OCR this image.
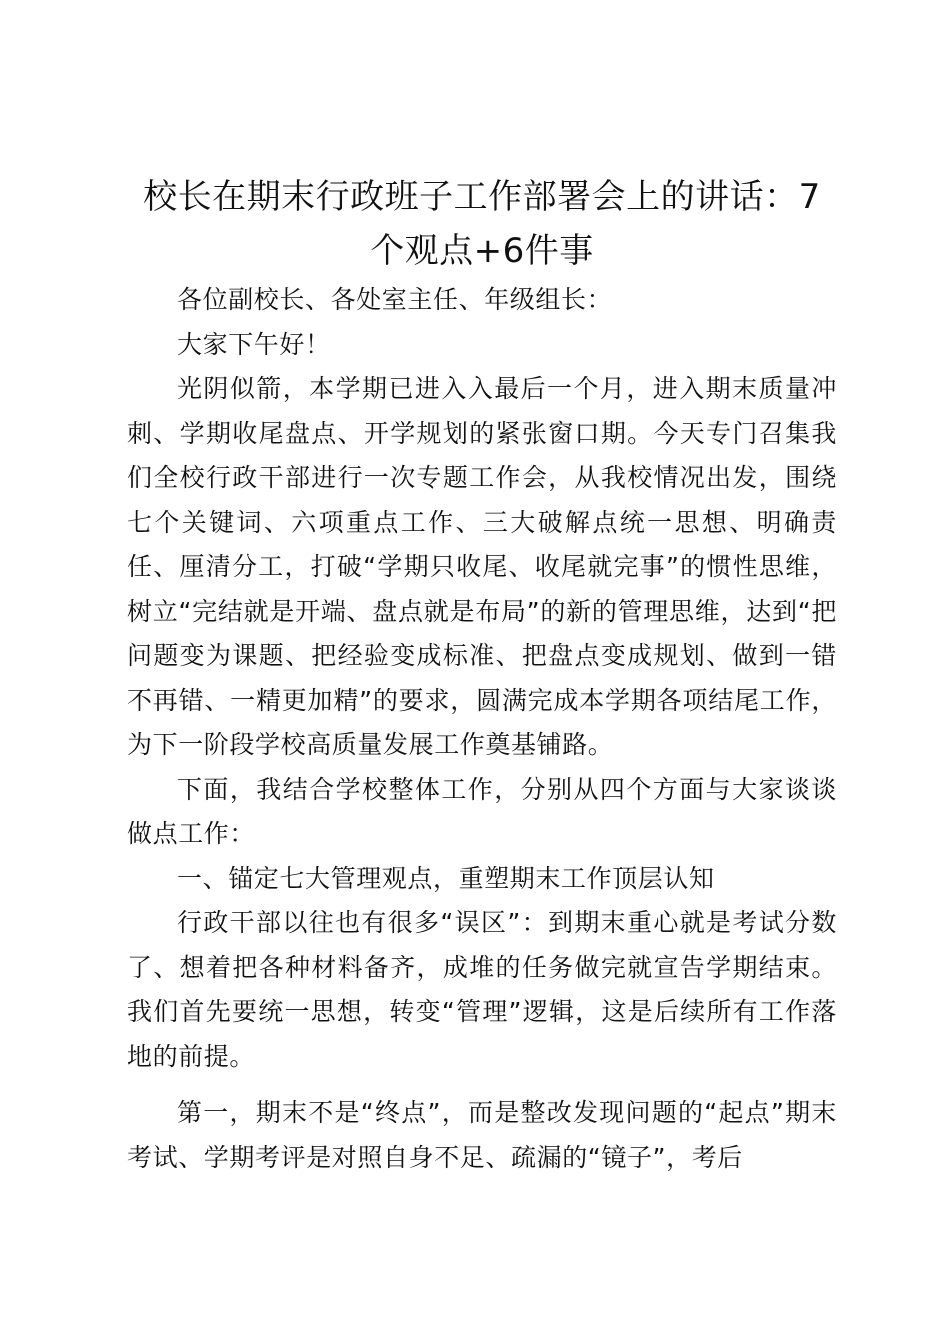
校长在期末行政班子工作部署会上的讲话：7个观点+6件事

各位副校长、各处室主任、年级组长：

大家下午好！

光阴似箭，本学期已进入入最后一个月，进入期末质量冲刺、学期收尾盘点、开学规划的紧张窗口期。今天专门召集我们全校行政干部进行一次专题工作会，从我校情况出发，围绕七个关键词、六项重点工作、三大破解点统一思想、明确责任、厘清分工，打破“学期只收尾、收尾就完事”的惯性思维，树立“完结就是开端、盘点就是布局”的新的管理思维，达到“把问题变为课题、把经验变成标准、把盘点变成规划、做到一错不再错、一精更加精”的要求，圆满完成本学期各项结尾工作，为下一阶段学校高质量发展工作奠基铺路。

下面，我结合学校整体工作，分别从四个方面与大家谈谈做点工作：

一、锚定七大管理观点，重塑期末工作顶层认知

行政干部以往也有很多“误区”：到期末重心就是考试分数了、想着把各种材料备齐，成堆的任务做完就宣告学期结束。我们首先要统一思想，转变“管理”逻辑，这是后续所有工作落地的前提。

第一，期末不是“终点”，而是整改发现问题的“起点”期末考试、学期考评是对照自身不足、疏漏的“镜子”，考后
